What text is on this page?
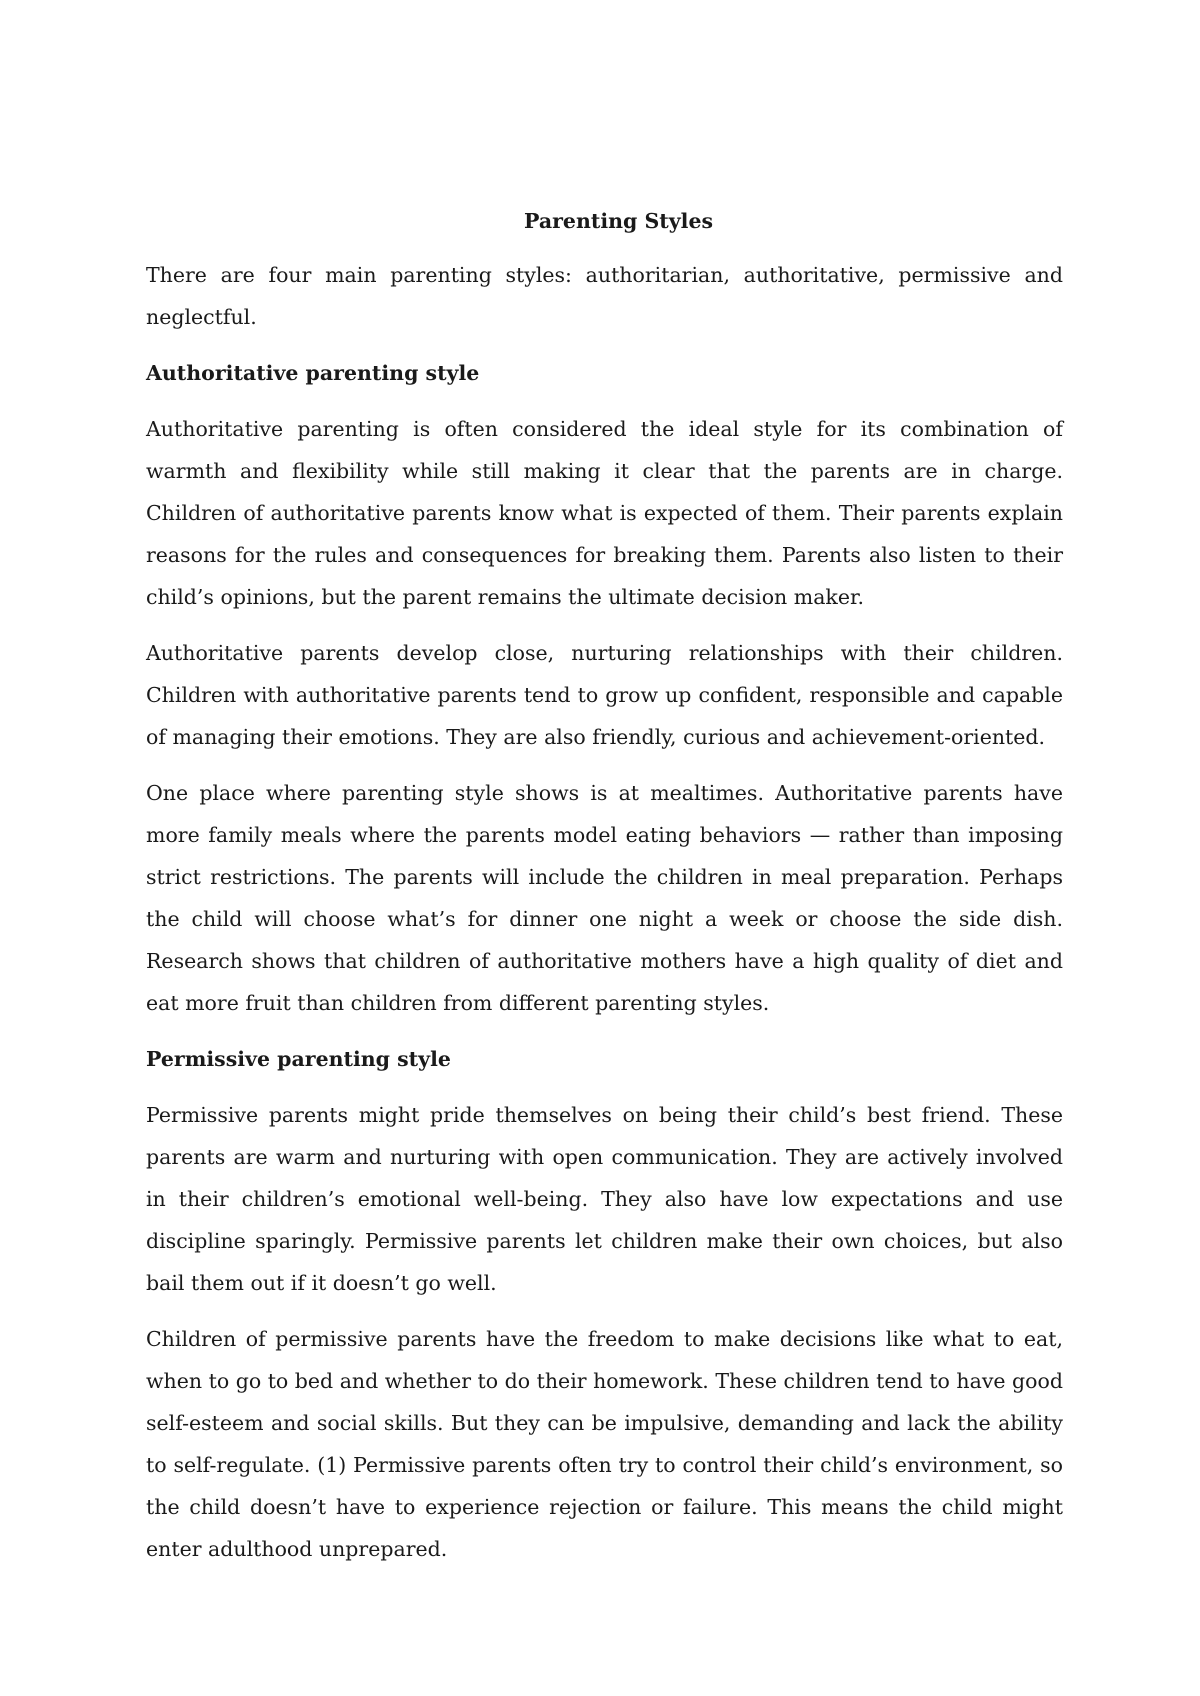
Parenting Styles

There are four main parenting styles: authoritarian, authoritative, permissive and neglectful.

Authoritative parenting style

Authoritative parenting is often considered the ideal style for its combination of warmth and flexibility while still making it clear that the parents are in charge. Children of authoritative parents know what is expected of them. Their parents explain reasons for the rules and consequences for breaking them. Parents also listen to their child’s opinions, but the parent remains the ultimate decision maker.

Authoritative parents develop close, nurturing relationships with their children. Children with authoritative parents tend to grow up confident, responsible and capable of managing their emotions. They are also friendly, curious and achievement-oriented.

One place where parenting style shows is at mealtimes. Authoritative parents have more family meals where the parents model eating behaviors — rather than imposing strict restrictions. The parents will include the children in meal preparation. Perhaps the child will choose what’s for dinner one night a week or choose the side dish. Research shows that children of authoritative mothers have a high quality of diet and eat more fruit than children from different parenting styles.

Permissive parenting style

Permissive parents might pride themselves on being their child’s best friend. These parents are warm and nurturing with open communication. They are actively involved in their children’s emotional well-being. They also have low expectations and use discipline sparingly. Permissive parents let children make their own choices, but also bail them out if it doesn’t go well.

Children of permissive parents have the freedom to make decisions like what to eat, when to go to bed and whether to do their homework. These children tend to have good self-esteem and social skills. But they can be impulsive, demanding and lack the ability to self-regulate. (1) Permissive parents often try to control their child’s environment, so the child doesn’t have to experience rejection or failure. This means the child might enter adulthood unprepared.
